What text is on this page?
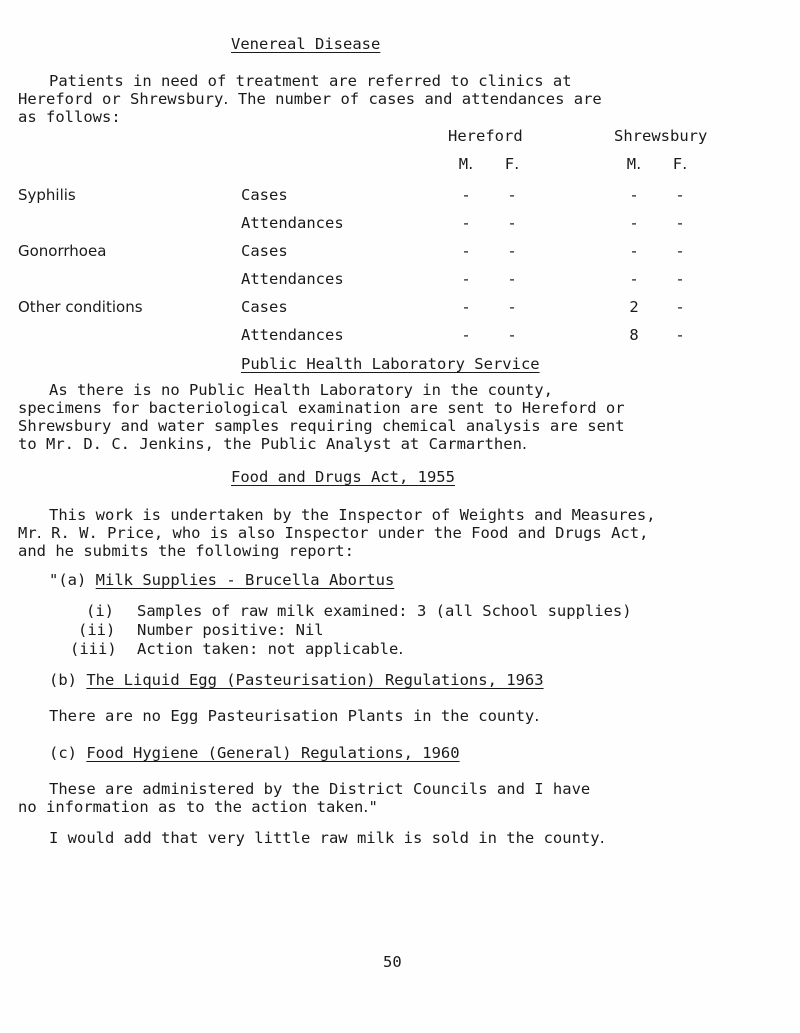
Venereal Disease
Patients in need of treatment are referred to clinics at
Hereford or Shrewsbury․ The number of cases and attendances are
as follows:
Hereford	Shrewsbury
M․	F․	M․	F․
Syphilis	Cases	-	-	-	-
Attendances	-	-	-	-
Gonorrhoea	Cases	-	-	-	-
Attendances	-	-	-	-
Other conditions	Cases	-	-	2	-
Attendances	-	-	8	-
Public Health Laboratory Service
As there is no Public Health Laboratory in the county,
specimens for bacteriological examination are sent to Hereford or
Shrewsbury and water samples requiring chemical analysis are sent
to Mr. D. C. Jenkins, the Public Analyst at Carmarthen․
Food and Drugs Act, 1955
This work is undertaken by the Inspector of Weights and Measures,
Mr․ R. W. Price, who is also Inspector under the Food and Drugs Act,
and he submits the following report:
"(a) Milk Supplies - Brucella Abortus
(i) Samples of raw milk examined: 3 (all School supplies)
(ii) Number positive: Nil
(iii) Action taken: not applicable․
(b) The Liquid Egg (Pasteurisation) Regulations, 1963
There are no Egg Pasteurisation Plants in the county․
(c) Food Hygiene (General) Regulations, 1960
These are administered by the District Councils and I have
no information as to the action taken․"
I would add that very little raw milk is sold in the county․
50
